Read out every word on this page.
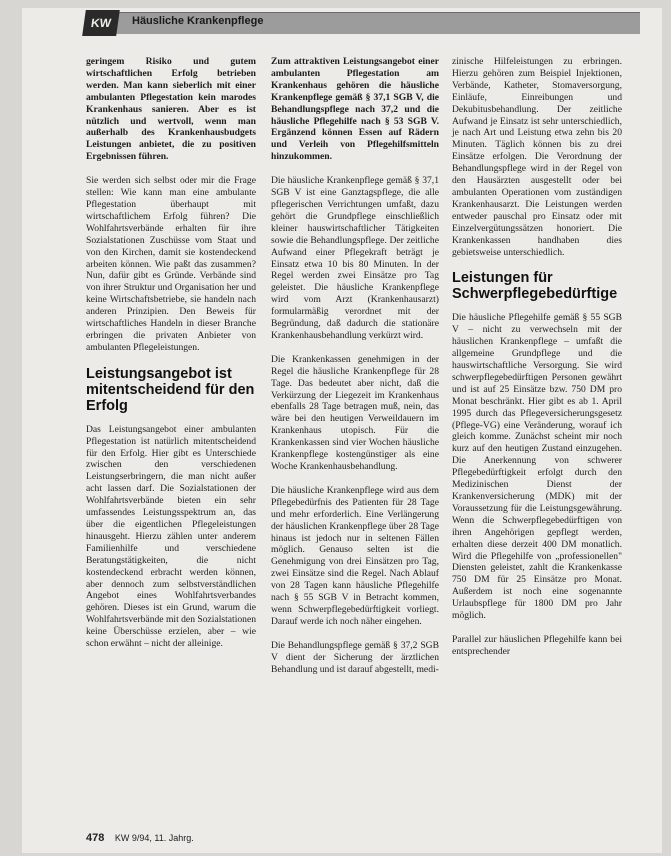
KW	Häusliche Krankenpflege

geringem Risiko und gutem wirtschaftlichen Erfolg betrieben werden. Man kann sieberlich mit einer ambulanten Pflegestation kein marodes Krankenhaus sanieren. Aber es ist nützlich und wertvoll, wenn man außerhalb des Krankenhausbudgets Leistungen anbietet, die zu positiven Ergebnissen führen.

Sie werden sich selbst oder mir die Frage stellen: Wie kann man eine ambulante Pflegestation überhaupt mit wirtschaftlichem Erfolg führen? Die Wohlfahrtsverbände erhalten für ihre Sozialstationen Zuschüsse vom Staat und von den Kirchen, damit sie kostendeckend arbeiten können. Wie paßt das zusammen? Nun, dafür gibt es Gründe. Verbände sind von ihrer Struktur und Organisation her und keine Wirtschaftsbetriebe, sie handeln nach anderen Prinzipien. Den Beweis für wirtschaftliches Handeln in dieser Branche erbringen die privaten Anbieter von ambulanten Pflegeleistungen.

Leistungsangebot ist mitentscheidend für den Erfolg

Das Leistungsangebot einer ambulanten Pflegestation ist natürlich mitentscheidend für den Erfolg. Hier gibt es Unterschiede zwischen den verschiedenen Leistungserbringern, die man nicht außer acht lassen darf. Die Sozialstationen der Wohlfahrtsverbände bieten ein sehr umfassendes Leistungsspektrum an, das über die eigentlichen Pflegeleistungen hinausgeht. Hierzu zählen unter anderem Familienhilfe und verschiedene Beratungstätigkeiten, die nicht kostendeckend erbracht werden können, aber dennoch zum selbstverständlichen Angebot eines Wohlfahrtsverbandes gehören. Dieses ist ein Grund, warum die Wohlfahrtsverbände mit den Sozialstationen keine Überschüsse erzielen, aber – wie schon erwähnt – nicht der alleinige.

Zum attraktiven Leistungsangebot einer ambulanten Pflegestation am Krankenhaus gehören die häusliche Krankenpflege gemäß § 37,1 SGB V, die Behandlungspflege nach 37,2 und die häusliche Pflegehilfe nach § 53 SGB V. Ergänzend können Essen auf Rädern und Verleih von Pflegehilfsmitteln hinzukommen.

Die häusliche Krankenpflege gemäß § 37,1 SGB V ist eine Ganztagspflege, die alle pflegerischen Verrichtungen umfaßt, dazu gehört die Grundpflege einschließlich kleiner hauswirtschaftlicher Tätigkeiten sowie die Behandlungspflege. Der zeitliche Aufwand einer Pflegekraft beträgt je Einsatz etwa 10 bis 80 Minuten. In der Regel werden zwei Einsätze pro Tag geleistet. Die häusliche Krankenpflege wird vom Arzt (Krankenhausarzt) formularmäßig verordnet mit der Begründung, daß dadurch die stationäre Krankenhausbehandlung verkürzt wird.

Die Krankenkassen genehmigen in der Regel die häusliche Krankenpflege für 28 Tage. Das bedeutet aber nicht, daß die Verkürzung der Liegezeit im Krankenhaus ebenfalls 28 Tage betragen muß, nein, das wäre bei den heutigen Verweildauern im Krankenhaus utopisch. Für die Krankenkassen sind vier Wochen häusliche Krankenpflege kostengünstiger als eine Woche Krankenhausbehandlung.

Die häusliche Krankenpflege wird aus dem Pflegebedürfnis des Patienten für 28 Tage und mehr erforderlich. Eine Verlängerung der häuslichen Krankenpflege über 28 Tage hinaus ist jedoch nur in seltenen Fällen möglich. Genauso selten ist die Genehmigung von drei Einsätzen pro Tag, zwei Einsätze sind die Regel. Nach Ablauf von 28 Tagen kann häusliche Pflegehilfe nach § 55 SGB V in Betracht kommen, wenn Schwerpflegebedürftigkeit vorliegt. Darauf werde ich noch näher eingehen.

Die Behandlungspflege gemäß § 37,2 SGB V dient der Sicherung der ärztlichen Behandlung und ist darauf abgestellt, medi-

zinische Hilfeleistungen zu erbringen. Hierzu gehören zum Beispiel Injektionen, Verbände, Katheter, Stomaversorgung, Einläufe, Einreibungen und Dekubitusbehandlung. Der zeitliche Aufwand je Einsatz ist sehr unterschiedlich, je nach Art und Leistung etwa zehn bis 20 Minuten. Täglich können bis zu drei Einsätze erfolgen. Die Verordnung der Behandlungspflege wird in der Regel von den Hausärzten ausgestellt oder bei ambulanten Operationen vom zuständigen Krankenhausarzt. Die Leistungen werden entweder pauschal pro Einsatz oder mit Einzelvergütungssätzen honoriert. Die Krankenkassen handhaben dies gebietsweise unterschiedlich.

Leistungen für Schwerpflegebedürftige

Die häusliche Pflegehilfe gemäß § 55 SGB V – nicht zu verwechseln mit der häuslichen Krankenpflege – umfaßt die allgemeine Grundpflege und die hauswirtschaftliche Versorgung. Sie wird schwerpflegebedürftigen Personen gewährt und ist auf 25 Einsätze bzw. 750 DM pro Monat beschränkt. Hier gibt es ab 1. April 1995 durch das Pflegeversicherungsgesetz (Pflege-VG) eine Veränderung, worauf ich gleich komme. Zunächst scheint mir noch kurz auf den heutigen Zustand einzugehen. Die Anerkennung von schwerer Pflegebedürftigkeit erfolgt durch den Medizinischen Dienst der Krankenversicherung (MDK) mit der Voraussetzung für die Leistungsgewährung. Wenn die Schwerpflegebedürftigen von ihren Angehörigen gepflegt werden, erhalten diese derzeit 400 DM monatlich. Wird die Pflegehilfe von „professionellen" Diensten geleistet, zahlt die Krankenkasse 750 DM für 25 Einsätze pro Monat. Außerdem ist noch eine sogenannte Urlaubspflege für 1800 DM pro Jahr möglich.

Parallel zur häuslichen Pflegehilfe kann bei entsprechender

478 KW 9/94, 11. Jahrg.
